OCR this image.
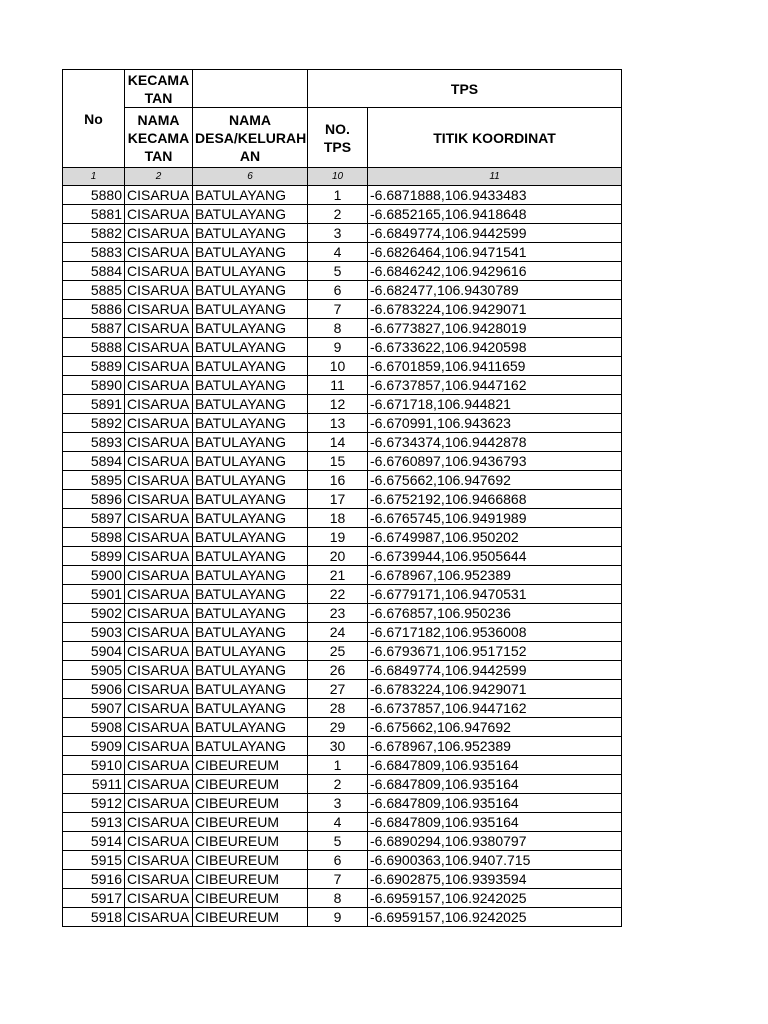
No	KECAMA TAN		TPS	
	NAMA KECAMA TAN	NAMA DESA/KELURAH AN	NO. TPS	TITIK KOORDINAT
1	2	6	10	11
5880	CISARUA	BATULAYANG	1	-6.6871888,106.9433483
5881	CISARUA	BATULAYANG	2	-6.6852165,106.9418648
5882	CISARUA	BATULAYANG	3	-6.6849774,106.9442599
5883	CISARUA	BATULAYANG	4	-6.6826464,106.9471541
5884	CISARUA	BATULAYANG	5	-6.6846242,106.9429616
5885	CISARUA	BATULAYANG	6	-6.682477,106.9430789
5886	CISARUA	BATULAYANG	7	-6.6783224,106.9429071
5887	CISARUA	BATULAYANG	8	-6.6773827,106.9428019
5888	CISARUA	BATULAYANG	9	-6.6733622,106.9420598
5889	CISARUA	BATULAYANG	10	-6.6701859,106.9411659
5890	CISARUA	BATULAYANG	11	-6.6737857,106.9447162
5891	CISARUA	BATULAYANG	12	-6.671718,106.944821
5892	CISARUA	BATULAYANG	13	-6.670991,106.943623
5893	CISARUA	BATULAYANG	14	-6.6734374,106.9442878
5894	CISARUA	BATULAYANG	15	-6.6760897,106.9436793
5895	CISARUA	BATULAYANG	16	-6.675662,106.947692
5896	CISARUA	BATULAYANG	17	-6.6752192,106.9466868
5897	CISARUA	BATULAYANG	18	-6.6765745,106.9491989
5898	CISARUA	BATULAYANG	19	-6.6749987,106.950202
5899	CISARUA	BATULAYANG	20	-6.6739944,106.9505644
5900	CISARUA	BATULAYANG	21	-6.678967,106.952389
5901	CISARUA	BATULAYANG	22	-6.6779171,106.9470531
5902	CISARUA	BATULAYANG	23	-6.676857,106.950236
5903	CISARUA	BATULAYANG	24	-6.6717182,106.9536008
5904	CISARUA	BATULAYANG	25	-6.6793671,106.9517152
5905	CISARUA	BATULAYANG	26	-6.6849774,106.9442599
5906	CISARUA	BATULAYANG	27	-6.6783224,106.9429071
5907	CISARUA	BATULAYANG	28	-6.6737857,106.9447162
5908	CISARUA	BATULAYANG	29	-6.675662,106.947692
5909	CISARUA	BATULAYANG	30	-6.678967,106.952389
5910	CISARUA	CIBEUREUM	1	-6.6847809,106.935164
5911	CISARUA	CIBEUREUM	2	-6.6847809,106.935164
5912	CISARUA	CIBEUREUM	3	-6.6847809,106.935164
5913	CISARUA	CIBEUREUM	4	-6.6847809,106.935164
5914	CISARUA	CIBEUREUM	5	-6.6890294,106.9380797
5915	CISARUA	CIBEUREUM	6	-6.6900363,106.9407.715
5916	CISARUA	CIBEUREUM	7	-6.6902875,106.9393594
5917	CISARUA	CIBEUREUM	8	-6.6959157,106.9242025
5918	CISARUA	CIBEUREUM	9	-6.6959157,106.9242025
